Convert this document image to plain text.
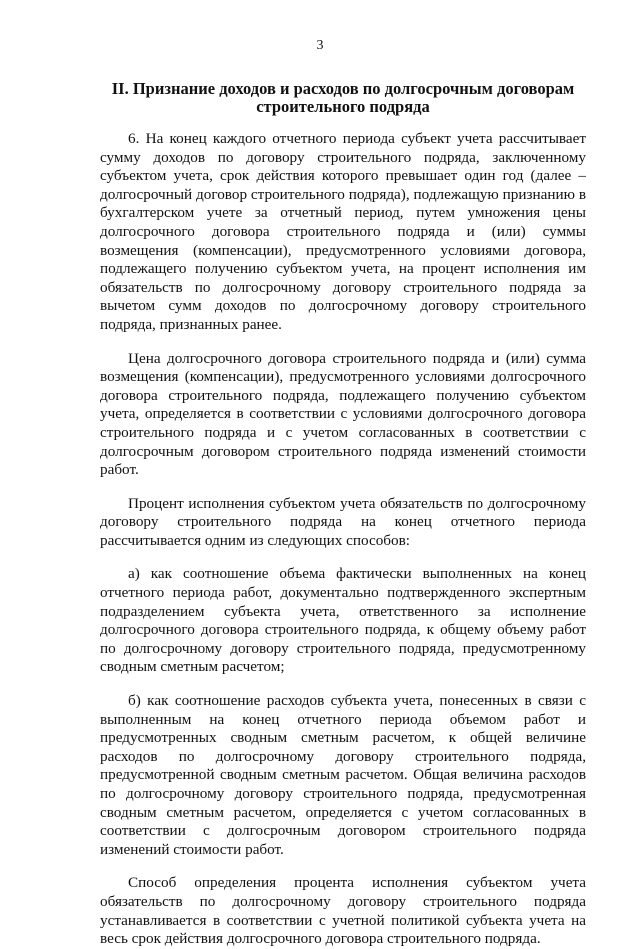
3
II. Признание доходов и расходов по долгосрочным договорам строительного подряда

6. На конец каждого отчетного периода субъект учета рассчитывает сумму доходов по договору строительного подряда, заключенному субъектом учета, срок действия которого превышает один год (далее – долгосрочный договор строительного подряда), подлежащую признанию в бухгалтерском учете за отчетный период, путем умножения цены долгосрочного договора строительного подряда и (или) суммы возмещения (компенсации), предусмотренного условиями договора, подлежащего получению субъектом учета, на процент исполнения им обязательств по долгосрочному договору строительного подряда за вычетом сумм доходов по долгосрочному договору строительного подряда, признанных ранее.

Цена долгосрочного договора строительного подряда и (или) сумма возмещения (компенсации), предусмотренного условиями долгосрочного договора строительного подряда, подлежащего получению субъектом учета, определяется в соответствии с условиями долгосрочного договора строительного подряда и с учетом согласованных в соответствии с долгосрочным договором строительного подряда изменений стоимости работ.

Процент исполнения субъектом учета обязательств по долгосрочному договору строительного подряда на конец отчетного периода рассчитывается одним из следующих способов:

а) как соотношение объема фактически выполненных на конец отчетного периода работ, документально подтвержденного экспертным подразделением субъекта учета, ответственного за исполнение долгосрочного договора строительного подряда, к общему объему работ по долгосрочному договору строительного подряда, предусмотренному сводным сметным расчетом;

б) как соотношение расходов субъекта учета, понесенных в связи с выполненным на конец отчетного периода объемом работ и предусмотренных сводным сметным расчетом, к общей величине расходов по долгосрочному договору строительного подряда, предусмотренной сводным сметным расчетом. Общая величина расходов по долгосрочному договору строительного подряда, предусмотренная сводным сметным расчетом, определяется с учетом согласованных в соответствии с долгосрочным договором строительного подряда изменений стоимости работ.

Способ определения процента исполнения субъектом учета обязательств по долгосрочному договору строительного подряда устанавливается в соответствии с учетной политикой субъекта учета на весь срок действия долгосрочного договора строительного подряда.
